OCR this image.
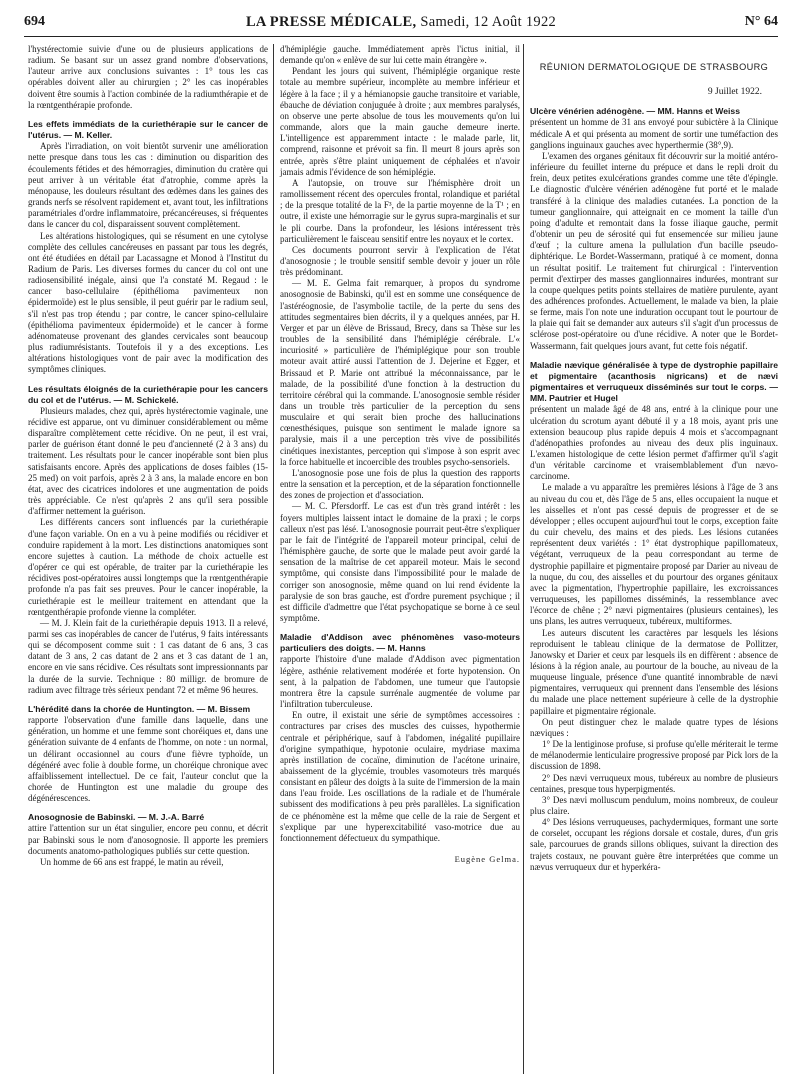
694	LA PRESSE MÉDICALE, Samedi, 12 Août 1922	N° 64

l'hystérectomie suivie d'une ou de plusieurs applications de radium. Se basant sur un assez grand nombre d'observations, l'auteur arrive aux conclusions suivantes : 1° tous les cas opérables doivent aller au chirurgien ; 2° les cas inopérables doivent être soumis à l'action combinée de la radiumthérapie et de la rœntgenthérapie profonde.

Les effets immédiats de la curiethérapie sur le cancer de l'utérus. — M. Keller.

Après l'irradiation, on voit bientôt survenir une amélioration nette presque dans tous les cas : diminution ou disparition des écoulements fétides et des hémorragies, diminution du cratère qui peut arriver à un véritable état d'atrophie, comme après la ménopause, les douleurs résultant des œdèmes dans les gaines des grands nerfs se résolvent rapidement et, avant tout, les infiltrations paramétriales d'ordre inflammatoire, précancéreuses, si fréquentes dans le cancer du col, disparaissent souvent complètement.

Les altérations histologiques, qui se résument en une cytolyse complète des cellules cancéreuses en passant par tous les degrés, ont été étudiées en détail par Lacassagne et Monod à l'Institut du Radium de Paris. Les diverses formes du cancer du col ont une radiosensibilité inégale, ainsi que l'a constaté M. Regaud : le cancer baso-cellulaire (épithélioma pavimenteux non épidermoïde) est le plus sensible, il peut guérir par le radium seul, s'il n'est pas trop étendu ; par contre, le cancer spino-cellulaire (épithélioma pavimenteux épidermoïde) et le cancer à forme adénomateuse provenant des glandes cervicales sont beaucoup plus radiumrésistants. Toutefois il y a des exceptions. Les altérations histologiques vont de pair avec la modification des symptômes cliniques.

Les résultats éloignés de la curiethérapie pour les cancers du col et de l'utérus. — M. Schickelé.

Plusieurs malades, chez qui, après hystérectomie vaginale, une récidive est apparue, ont vu diminuer considérablement ou même disparaître complètement cette récidive. On ne peut, il est vrai, parler de guérison étant donné le peu d'ancienneté (2 à 3 ans) du traitement. Les résultats pour le cancer inopérable sont bien plus satisfaisants encore. Après des applications de doses faibles (15-25 med) on voit parfois, après 2 à 3 ans, la malade encore en bon état, avec des cicatrices indolores et une augmentation de poids très appréciable. Ce n'est qu'après 2 ans qu'il sera possible d'affirmer nettement la guérison.

Les différents cancers sont influencés par la curiethérapie d'une façon variable. On en a vu à peine modifiés ou récidiver et conduire rapidement à la mort. Les distinctions anatomiques sont encore sujettes à caution. La méthode de choix actuelle est d'opérer ce qui est opérable, de traiter par la curiethérapie les récidives post-opératoires aussi longtemps que la rœntgenthérapie profonde n'a pas fait ses preuves. Pour le cancer inopérable, la curiethérapie est le meilleur traitement en attendant que la rœntgenthérapie profonde vienne la compléter.

— M. J. Klein fait de la curiethérapie depuis 1913. Il a relevé, parmi ses cas inopérables de cancer de l'utérus, 9 faits intéressants qui se décomposent comme suit : 1 cas datant de 6 ans, 3 cas datant de 3 ans, 2 cas datant de 2 ans et 3 cas datant de 1 an, encore en vie sans récidive. Ces résultats sont impressionnants par la durée de la survie. Technique : 80 milligr. de bromure de radium avec filtrage très sérieux pendant 72 et même 96 heures.

L'hérédité dans la chorée de Huntington. — M. Bissem

rapporte l'observation d'une famille dans laquelle, dans une génération, un homme et une femme sont choréiques et, dans une génération suivante de 4 enfants de l'homme, on note : un normal, un délirant occasionnel au cours d'une fièvre typhoïde, un dégénéré avec folie à double forme, un choréique chronique avec affaiblissement intellectuel. De ce fait, l'auteur conclut que la chorée de Huntington est une maladie du groupe des dégénérescences.

Anosognosie de Babinski. — M. J.-A. Barré

attire l'attention sur un état singulier, encore peu connu, et décrit par Babinski sous le nom d'anosognosie. Il apporte les premiers documents anatomo-pathologiques publiés sur cette question.

Un homme de 66 ans est frappé, le matin au réveil,

d'hémiplégie gauche. Immédiatement après l'ictus initial, il demande qu'on « enlève de sur lui cette main étrangère ».

Pendant les jours qui suivent, l'hémiplégie organique reste totale au membre supérieur, incomplète au membre inférieur et légère à la face ; il y a hémianopsie gauche transitoire et variable, ébauche de déviation conjuguée à droite ; aux membres paralysés, on observe une perte absolue de tous les mouvements qu'on lui commande, alors que la main gauche demeure inerte. L'intelligence est apparemment intacte : le malade parle, lit, comprend, raisonne et prévoit sa fin. Il meurt 8 jours après son entrée, après s'être plaint uniquement de céphalées et n'avoir jamais admis l'évidence de son hémiplégie.

A l'autopsie, on trouve sur l'hémisphère droit un ramollissement récent des opercules frontal, rolandique et pariétal ; de la presque totalité de la F³, de la partie moyenne de la T¹ ; en outre, il existe une hémorragie sur le gyrus supra-marginalis et sur le pli courbe. Dans la profondeur, les lésions intéressent très particulièrement le faisceau sensitif entre les noyaux et le cortex.

Ces documents pourront servir à l'explication de l'état d'anosognosie ; le trouble sensitif semble devoir y jouer un rôle très prédominant.

— M. E. Gelma fait remarquer, à propos du syndrome anosognosie de Babinski, qu'il est en somme une conséquence de l'astéréognosie, de l'asymbolie tactile, de la perte du sens des attitudes segmentaires bien décrits, il y a quelques années, par H. Verger et par un élève de Brissaud, Brecy, dans sa Thèse sur les troubles de la sensibilité dans l'hémiplégie cérébrale. L'« incuriosité » particulière de l'hémiplégique pour son trouble moteur avait attiré aussi l'attention de J. Dejerine et Egger, et Brissaud et P. Marie ont attribué la méconnaissance, par le malade, de la possibilité d'une fonction à la destruction du territoire cérébral qui la commande. L'anosognosie semble résider dans un trouble très particulier de la perception du sens musculaire et qui serait bien proche des hallucinations cœnesthésiques, puisque son sentiment le malade ignore sa paralysie, mais il a une perception très vive de possibilités cinétiques inexistantes, perception qui s'impose à son esprit avec la force habituelle et incoercible des troubles psycho-sensoriels.

L'anosognosie pose une fois de plus la question des rapports entre la sensation et la perception, et de la séparation fonctionnelle des zones de projection et d'association.

— M. C. Pfersdorff. Le cas est d'un très grand intérêt : les foyers multiples laissent intact le domaine de la praxi ; le corps calleux n'est pas lésé. L'anosognosie pourrait peut-être s'expliquer par le fait de l'intégrité de l'appareil moteur principal, celui de l'hémisphère gauche, de sorte que le malade peut avoir gardé la sensation de la maîtrise de cet appareil moteur. Mais le second symptôme, qui consiste dans l'impossibilité pour le malade de corriger son anosognosie, même quand on lui rend évidente la paralysie de son bras gauche, est d'ordre purement psychique ; il est difficile d'admettre que l'état psychopatique se borne à ce seul symptôme.

Maladie d'Addison avec phénomènes vaso-moteurs particuliers des doigts. — M. Hanns

rapporte l'histoire d'une malade d'Addison avec pigmentation légère, asthénie relativement modérée et forte hypotension. On sent, à la palpation de l'abdomen, une tumeur que l'autopsie montrera être la capsule surrénale augmentée de volume par l'infiltration tuberculeuse.

En outre, il existait une série de symptômes accessoires : contractures par crises des muscles des cuisses, hypothermie centrale et périphérique, sauf à l'abdomen, inégalité pupillaire d'origine sympathique, hypotonie oculaire, mydriase maxima après instillation de cocaïne, diminution de l'acétone urinaire, abaissement de la glycémie, troubles vasomoteurs très marqués consistant en pâleur des doigts à la suite de l'immersion de la main dans l'eau froide. Les oscillations de la radiale et de l'humérale subissent des modifications à peu près parallèles. La signification de ce phénomène est la même que celle de la raie de Sergent et s'explique par une hyperexcitabilité vaso-motrice due au fonctionnement défectueux du sympathique.

Eugène Gelma.

RÉUNION DERMATOLOGIQUE DE STRASBOURG

9 Juillet 1922.

Ulcère vénérien adénogène. — MM. Hanns et Weiss

présentent un homme de 31 ans envoyé pour subictère à la Clinique médicale A et qui présenta au moment de sortir une tuméfaction des ganglions inguinaux gauches avec hyperthermie (38°,9).

L'examen des organes génitaux fit découvrir sur la moitié antéro-inférieure du feuillet interne du prépuce et dans le repli droit du frein, deux petites exulcérations grandes comme une tête d'épingle. Le diagnostic d'ulcère vénérien adénogène fut porté et le malade transféré à la clinique des maladies cutanées. La ponction de la tumeur ganglionnaire, qui atteignait en ce moment la taille d'un poing d'adulte et remontait dans la fosse iliaque gauche, permit d'obtenir un peu de sérosité qui fut ensemencée sur milieu jaune d'œuf ; la culture amena la pullulation d'un bacille pseudo-diphtérique. Le Bordet-Wassermann, pratiqué à ce moment, donna un résultat positif. Le traitement fut chirurgical : l'intervention permit d'extirper des masses ganglionnaires indurées, montrant sur la coupe quelques petits points stellaires de matière purulente, ayant des adhérences profondes. Actuellement, le malade va bien, la plaie se ferme, mais l'on note une induration occupant tout le pourtour de la plaie qui fait se demander aux auteurs s'il s'agit d'un processus de sclérose post-opératoire ou d'une récidive. A noter que le Bordet-Wassermann, fait quelques jours avant, fut cette fois négatif.

Maladie nævique généralisée à type de dystrophie papillaire et pigmentaire (acanthosis nigricans) et de nævi pigmentaires et verruqueux disséminés sur tout le corps. — MM. Pautrier et Hugel

présentent un malade âgé de 48 ans, entré à la clinique pour une ulcération du scrotum ayant débuté il y a 18 mois, ayant pris une extension beaucoup plus rapide depuis 4 mois et s'accompagnant d'adénopathies profondes au niveau des deux plis inguinaux. L'examen histologique de cette lésion permet d'affirmer qu'il s'agit d'un véritable carcinome et vraisemblablement d'un nævo-carcinome.

Le malade a vu apparaître les premières lésions à l'âge de 3 ans au niveau du cou et, dès l'âge de 5 ans, elles occupaient la nuque et les aisselles et n'ont pas cessé depuis de progresser et de se développer ; elles occupent aujourd'hui tout le corps, exception faite du cuir chevelu, des mains et des pieds. Les lésions cutanées représentent deux variétés : 1° état dystrophique papillomateux, végétant, verruqueux de la peau correspondant au terme de dystrophie papillaire et pigmentaire proposé par Darier au niveau de la nuque, du cou, des aisselles et du pourtour des organes génitaux avec la pigmentation, l'hypertrophie papillaire, les excroissances verruqueuses, les papillomes disséminés, la ressemblance avec l'écorce de chêne ; 2° nævi pigmentaires (plusieurs centaines), les uns plans, les autres verruqueux, tubéreux, multiformes.

Les auteurs discutent les caractères par lesquels les lésions reproduisent le tableau clinique de la dermatose de Pollitzer, Janowsky et Darier et ceux par lesquels ils en diffèrent : absence de lésions à la région anale, au pourtour de la bouche, au niveau de la muqueuse linguale, présence d'une quantité innombrable de nævi pigmentaires, verruqueux qui prennent dans l'ensemble des lésions du malade une place nettement supérieure à celle de la dystrophie papillaire et pigmentaire régionale.

On peut distinguer chez le malade quatre types de lésions næviques :

1° De la lentiginose profuse, si profuse qu'elle mériterait le terme de mélanodermie lenticulaire progressive proposé par Pick lors de la discussion de 1898.

2° Des nævi verruqueux mous, tubéreux au nombre de plusieurs centaines, presque tous hyperpigmentés.

3° Des nævi molluscum pendulum, moins nombreux, de couleur plus claire.

4° Des lésions verruqueuses, pachydermiques, formant une sorte de corselet, occupant les régions dorsale et costale, dures, d'un gris sale, parcourues de grands sillons obliques, suivant la direction des trajets costaux, ne pouvant guère être interprétées que comme un nævus verruqueux dur et hyperkéra-
